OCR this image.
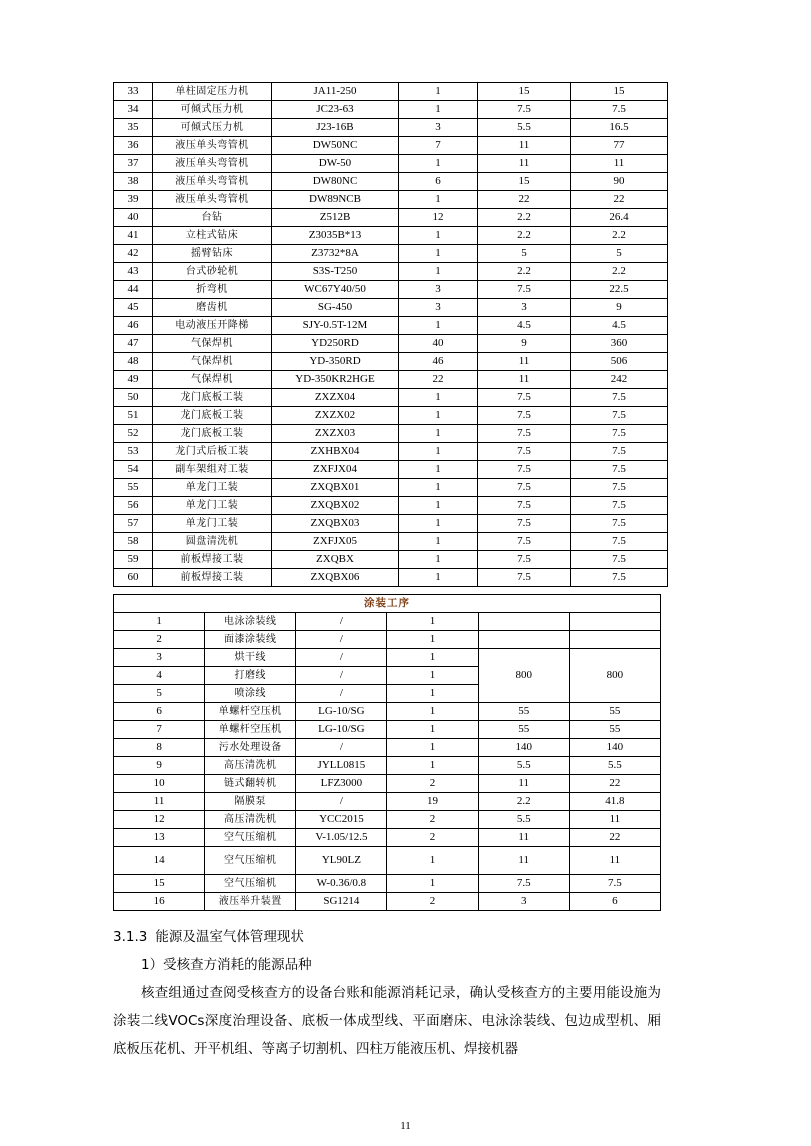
33	单柱固定压力机	JA11-250	1	15	15
34	可倾式压力机	JC23-63	1	7.5	7.5
35	可倾式压力机	J23-16B	3	5.5	16.5
36	液压单头弯管机	DW50NC	7	11	77
37	液压单头弯管机	DW-50	1	11	11
38	液压单头弯管机	DW80NC	6	15	90
39	液压单头弯管机	DW89NCB	1	22	22
40	台钻	Z512B	12	2.2	26.4
41	立柱式钻床	Z3035B*13	1	2.2	2.2
42	摇臂钻床	Z3732*8A	1	5	5
43	台式砂轮机	S3S-T250	1	2.2	2.2
44	折弯机	WC67Y40/50	3	7.5	22.5
45	磨齿机	SG-450	3	3	9
46	电动液压开降梯	SJY-0.5T-12M	1	4.5	4.5
47	气保焊机	YD250RD	40	9	360
48	气保焊机	YD-350RD	46	11	506
49	气保焊机	YD-350KR2HGE	22	11	242
50	龙门底板工装	ZXZX04	1	7.5	7.5
51	龙门底板工装	ZXZX02	1	7.5	7.5
52	龙门底板工装	ZXZX03	1	7.5	7.5
53	龙门式后板工装	ZXHBX04	1	7.5	7.5
54	副车架组对工装	ZXFJX04	1	7.5	7.5
55	单龙门工装	ZXQBX01	1	7.5	7.5
56	单龙门工装	ZXQBX02	1	7.5	7.5
57	单龙门工装	ZXQBX03	1	7.5	7.5
58	圆盘清洗机	ZXFJX05	1	7.5	7.5
59	前板焊接工装	ZXQBX	1	7.5	7.5
60	前板焊接工装	ZXQBX06	1	7.5	7.5
涂装工序					
1	电泳涂装线	/	1		
2	面漆涂装线	/	1		
3	烘干线	/	1	800	800
4	打磨线	/	1		
5	喷涂线	/	1		
6	单螺杆空压机	LG-10/SG	1	55	55
7	单螺杆空压机	LG-10/SG	1	55	55
8	污水处理设备	/	1	140	140
9	高压清洗机	JYLL0815	1	5.5	5.5
10	链式翻转机	LFZ3000	2	11	22
11	隔膜泵	/	19	2.2	41.8
12	高压清洗机	YCC2015	2	5.5	11
13	空气压缩机	V-1.05/12.5	2	11	22
14	空气压缩机	YL90LZ	1	11	11
15	空气压缩机	W-0.36/0.8	1	7.5	7.5
16	液压举升装置	SG1214	2	3	6
3.1.3 能源及温室气体管理现状
1）受核查方消耗的能源品种
核查组通过查阅受核查方的设备台账和能源消耗记录，确认受核查方的主要用能设施为涂装二线VOCs深度治理设备、底板一体成型线、平面磨床、电泳涂装线、包边成型机、厢底板压花机、开平机组、等离子切割机、四柱万能液压机、焊接机器
11
